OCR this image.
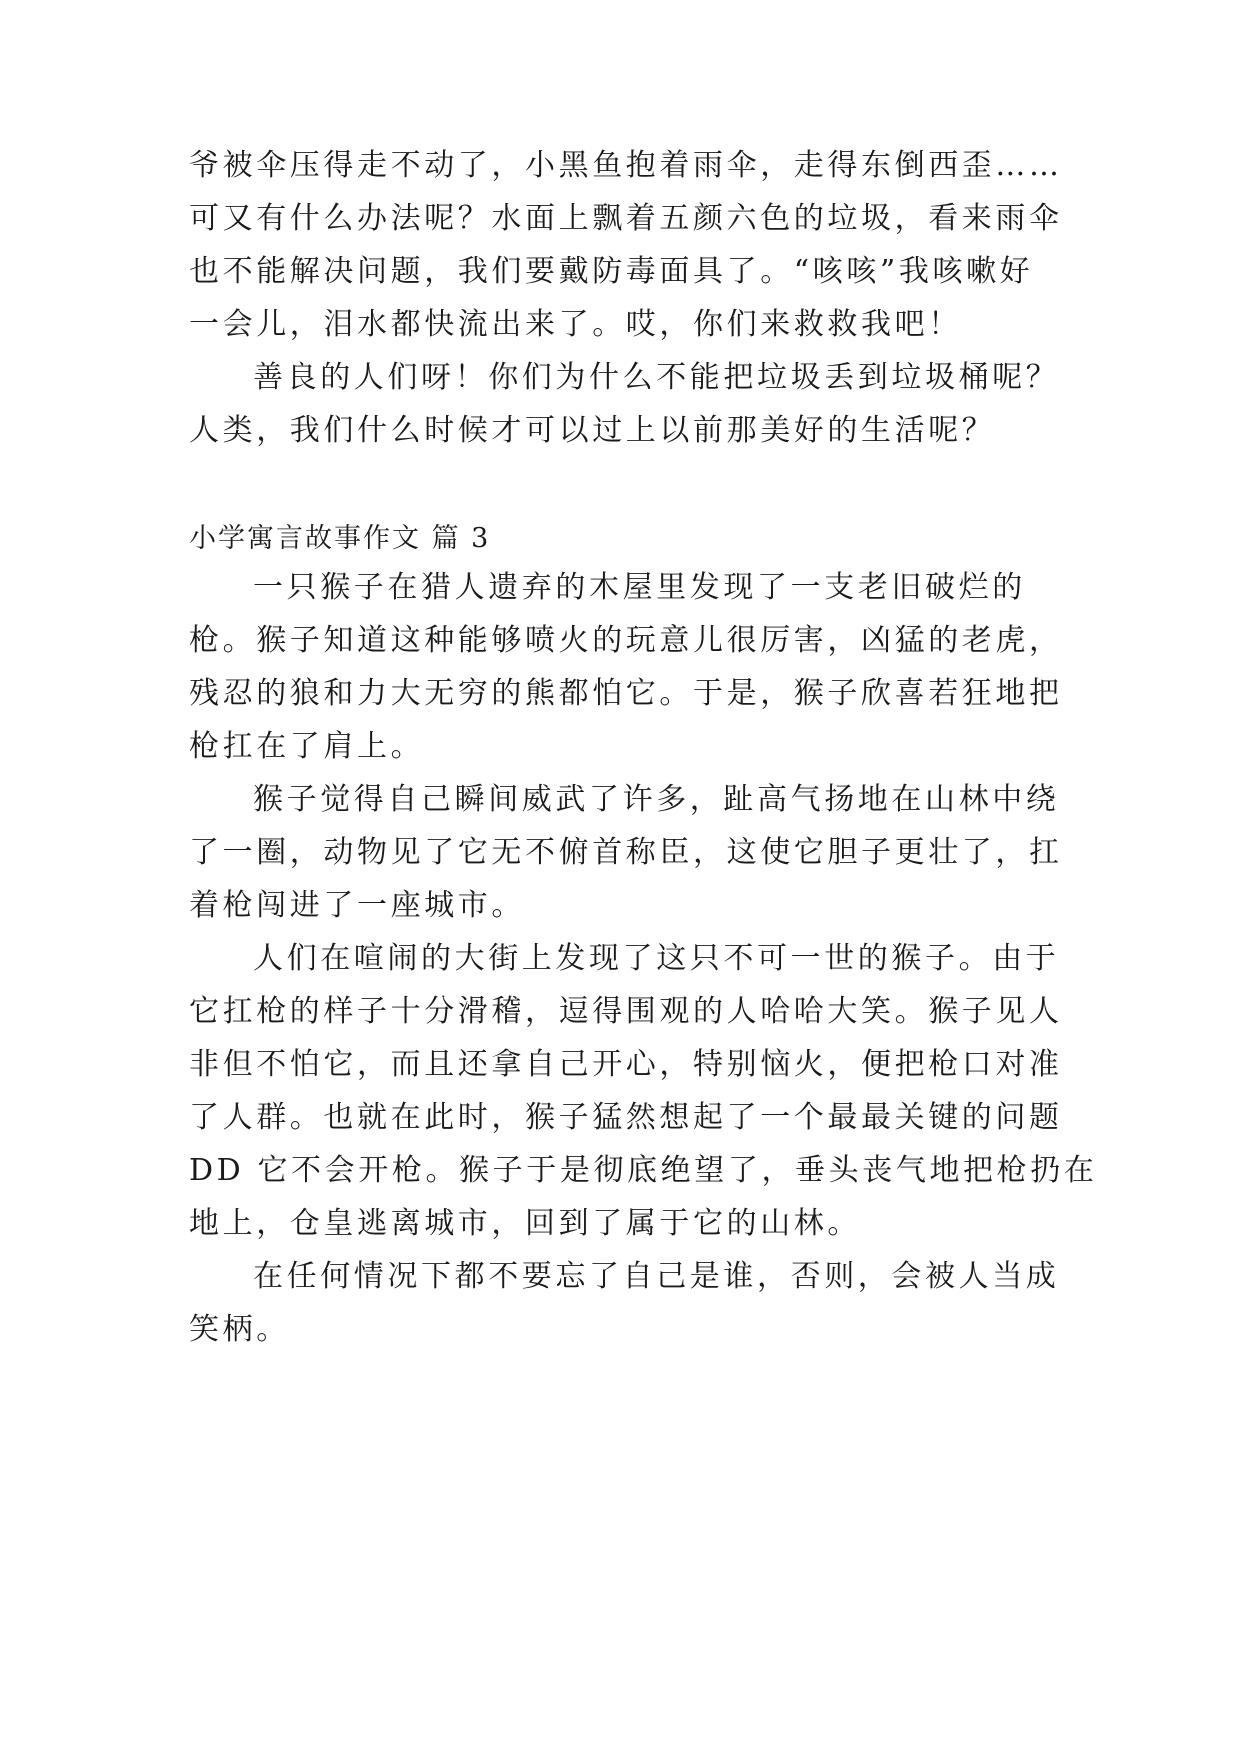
爷被伞压得走不动了，小黑鱼抱着雨伞，走得东倒西歪……
可又有什么办法呢？水面上飘着五颜六色的垃圾，看来雨伞
也不能解决问题，我们要戴防毒面具了。“咳咳”我咳嗽好
一会儿，泪水都快流出来了。哎，你们来救救我吧！
善良的人们呀！你们为什么不能把垃圾丢到垃圾桶呢？
人类，我们什么时候才可以过上以前那美好的生活呢？
小学寓言故事作文 篇 3
一只猴子在猎人遗弃的木屋里发现了一支老旧破烂的
枪。猴子知道这种能够喷火的玩意儿很厉害，凶猛的老虎，
残忍的狼和力大无穷的熊都怕它。于是，猴子欣喜若狂地把
枪扛在了肩上。
猴子觉得自己瞬间威武了许多，趾高气扬地在山林中绕
了一圈，动物见了它无不俯首称臣，这使它胆子更壮了，扛
着枪闯进了一座城市。
人们在喧闹的大街上发现了这只不可一世的猴子。由于
它扛枪的样子十分滑稽，逗得围观的人哈哈大笑。猴子见人
非但不怕它，而且还拿自己开心，特别恼火，便把枪口对准
了人群。也就在此时，猴子猛然想起了一个最最关键的问题
DD 它不会开枪。猴子于是彻底绝望了，垂头丧气地把枪扔在
地上，仓皇逃离城市，回到了属于它的山林。
在任何情况下都不要忘了自己是谁，否则，会被人当成
笑柄。
